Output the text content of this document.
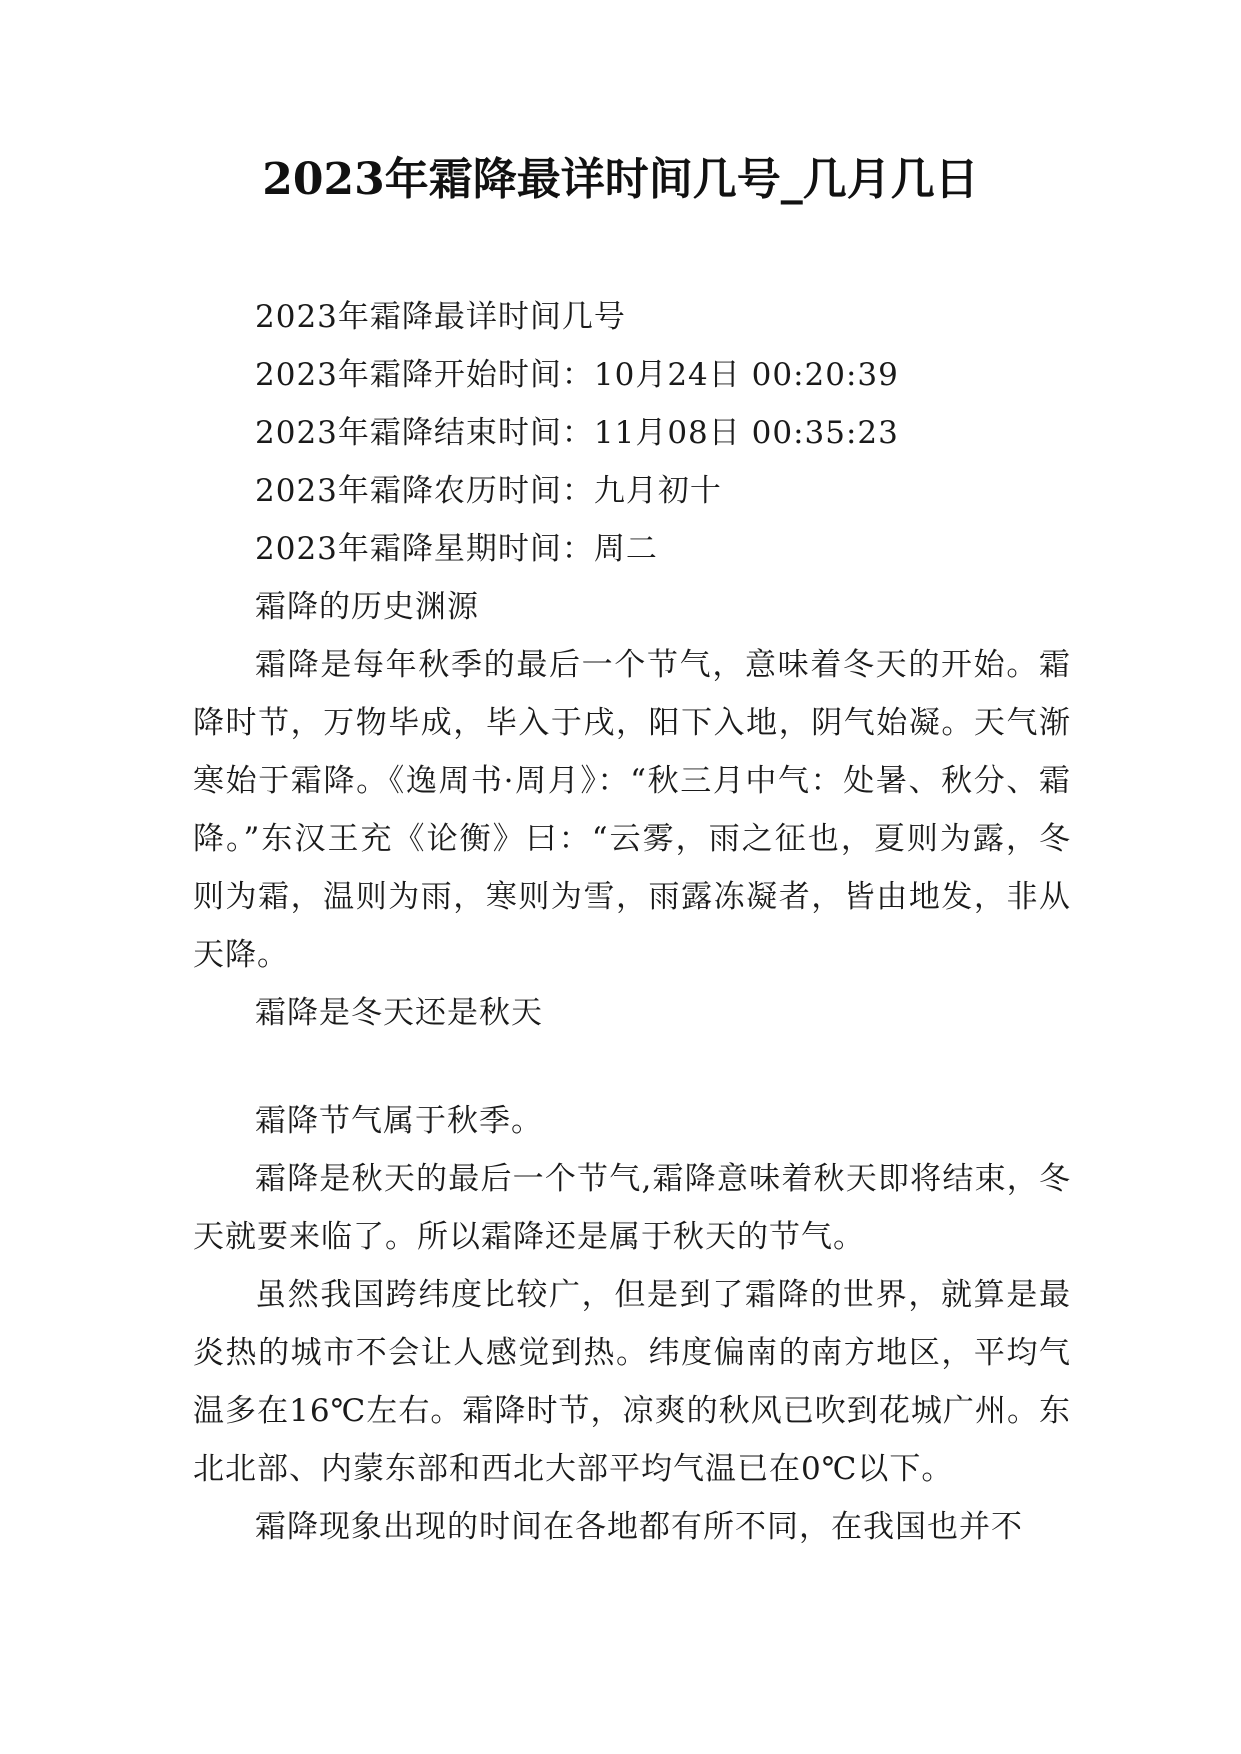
2023年霜降最详时间几号_几月几日

2023年霜降最详时间几号

2023年霜降开始时间：10月24日 00:20:39

2023年霜降结束时间：11月08日 00:35:23

2023年霜降农历时间：九月初十

2023年霜降星期时间：周二

霜降的历史渊源

霜降是每年秋季的最后一个节气，意味着冬天的开始。霜降时节，万物毕成，毕入于戌，阳下入地，阴气始凝。天气渐寒始于霜降。《逸周书·周月》：“秋三月中气：处暑、秋分、霜降。”东汉王充《论衡》曰：“云雾，雨之征也，夏则为露，冬则为霜，温则为雨，寒则为雪，雨露冻凝者，皆由地发，非从天降。

霜降是冬天还是秋天

霜降节气属于秋季。

霜降是秋天的最后一个节气,霜降意味着秋天即将结束，冬天就要来临了。所以霜降还是属于秋天的节气。

虽然我国跨纬度比较广，但是到了霜降的世界，就算是最炎热的城市不会让人感觉到热。纬度偏南的南方地区，平均气温多在16℃左右。霜降时节，凉爽的秋风已吹到花城广州。东北北部、内蒙东部和西北大部平均气温已在0℃以下。

霜降现象出现的时间在各地都有所不同，在我国也并不
